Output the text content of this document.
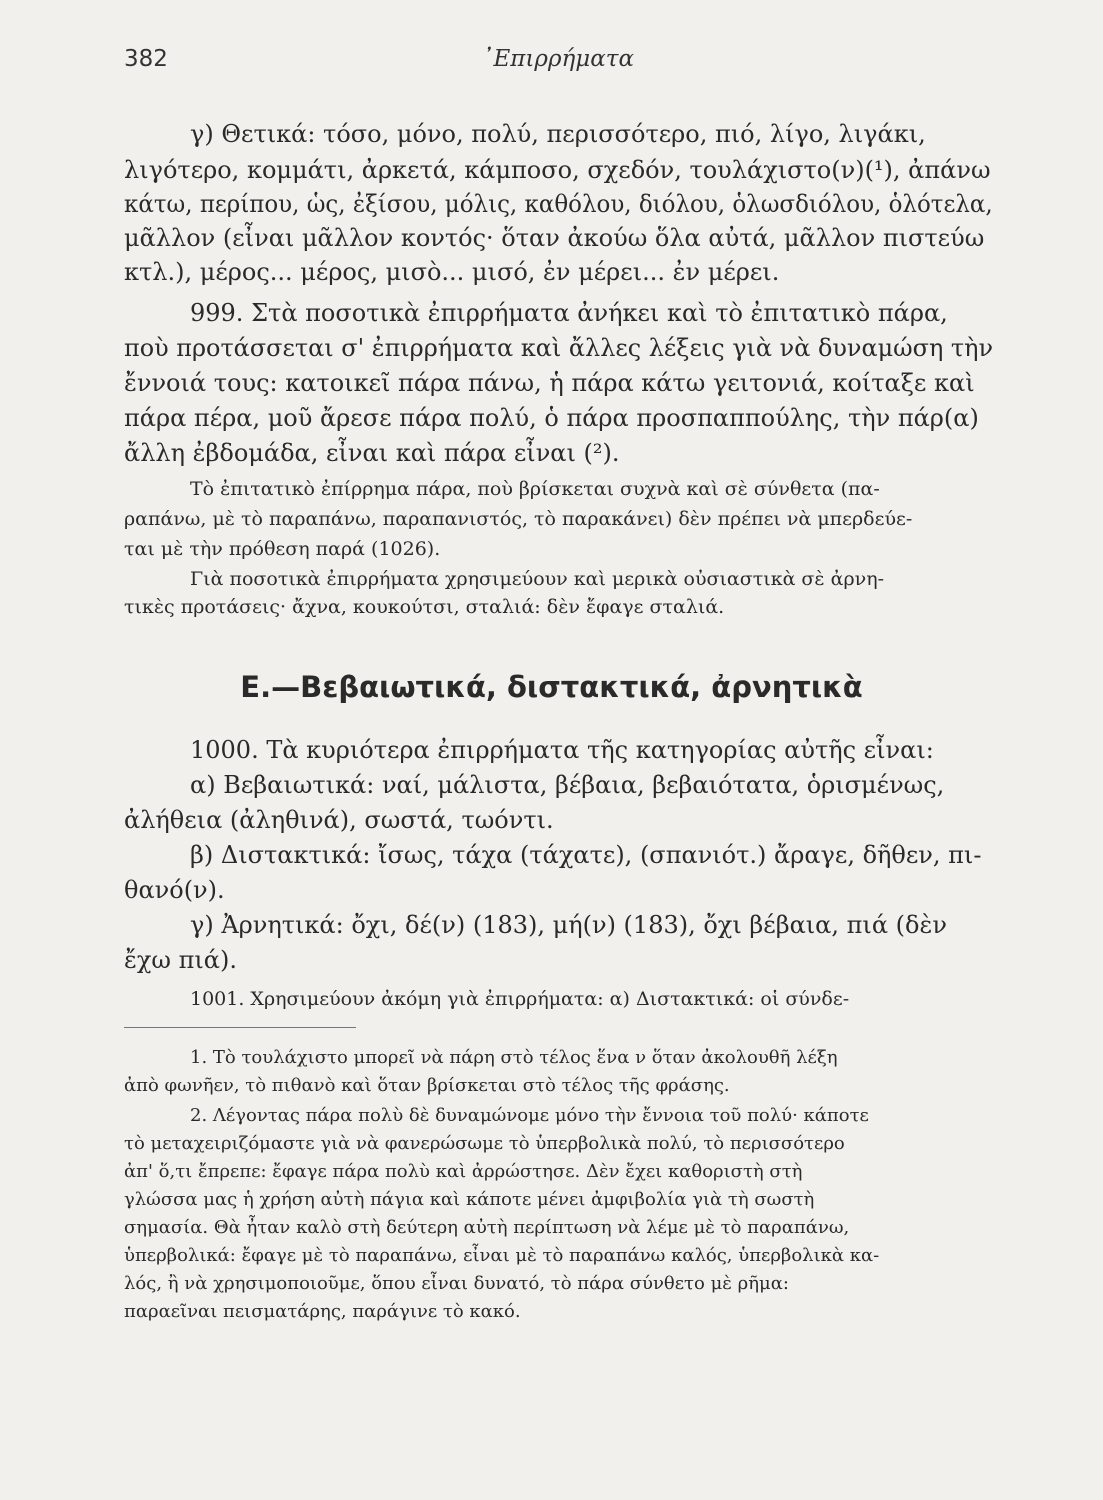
382	᾿Επιρρήματα
γ) Θετικά: τόσο, μόνο, πολύ, περισσότερο, πιό, λίγο, λιγάκι,
λιγότερο, κομμάτι, ἀρκετά, κάμποσο, σχεδόν, τουλάχιστο(ν)(¹), ἀπάνω
κάτω, περίπου, ὡς, ἐξίσου, μόλις, καθόλου, διόλου, ὁλωσδιόλου, ὁλότελα,
μᾶλλον (εἶναι μᾶλλον κοντός· ὅταν ἀκούω ὅλα αὐτά, μᾶλλον πιστεύω
κτλ.), μέρος... μέρος, μισὸ... μισό, ἐν μέρει... ἐν μέρει.
999. Στὰ ποσοτικὰ ἐπιρρήματα ἀνήκει καὶ τὸ ἐπιτατικὸ πάρα,
ποὺ προτάσσεται σ' ἐπιρρήματα καὶ ἄλλες λέξεις γιὰ νὰ δυναμώση τὴν
ἔννοιά τους: κατοικεῖ πάρα πάνω, ἡ πάρα κάτω γειτονιά, κοίταξε καὶ
πάρα πέρα, μοῦ ἄρεσε πάρα πολύ, ὁ πάρα προσπαππούλης, τὴν πάρ(α)
ἄλλη ἐβδομάδα, εἶναι καὶ πάρα εἶναι (²).
Τὸ ἐπιτατικὸ ἐπίρρημα πάρα, ποὺ βρίσκεται συχνὰ καὶ σὲ σύνθετα (πα-
ραπάνω, μὲ τὸ παραπάνω, παραπανιστός, τὸ παρακάνει) δὲν πρέπει νὰ μπερδεύε-
ται μὲ τὴν πρόθεση παρά (1026).
Γιὰ ποσοτικὰ ἐπιρρήματα χρησιμεύουν καὶ μερικὰ οὐσιαστικὰ σὲ ἀρνη-
τικὲς προτάσεις· ἄχνα, κουκούτσι, σταλιά: δὲν ἔφαγε σταλιά.
Ε.—Βεβαιωτικά, διστακτικά, ἀρνητικὰ
1000. Τὰ κυριότερα ἐπιρρήματα τῆς κατηγορίας αὐτῆς εἶναι:
α) Βεβαιωτικά: ναί, μάλιστα, βέβαια, βεβαιότατα, ὁρισμένως,
ἀλήθεια (ἀληθινά), σωστά, τωόντι.
β) Διστακτικά: ἴσως, τάχα (τάχατε), (σπανιότ.) ἄραγε, δῆθεν, πι-
θανό(ν).
γ) Ἀρνητικά: ὄχι, δέ(ν) (183), μή(ν) (183), ὄχι βέβαια, πιά (δὲν
ἔχω πιά).
1001. Χρησιμεύουν ἀκόμη γιὰ ἐπιρρήματα: α) Διστακτικά: οἱ σύνδε-
1. Τὸ τουλάχιστο μπορεῖ νὰ πάρη στὸ τέλος ἕνα ν ὅταν ἀκολουθῆ λέξη
ἀπὸ φωνῆεν, τὸ πιθανὸ καὶ ὅταν βρίσκεται στὸ τέλος τῆς φράσης.
2. Λέγοντας πάρα πολὺ δὲ δυναμώνομε μόνο τὴν ἔννοια τοῦ πολύ· κάποτε
τὸ μεταχειριζόμαστε γιὰ νὰ φανερώσωμε τὸ ὑπερβολικὰ πολύ, τὸ περισσότερο
ἀπ' ὅ,τι ἔπρεπε: ἔφαγε πάρα πολὺ καὶ ἀρρώστησε. Δὲν ἔχει καθοριστὴ στὴ
γλώσσα μας ἡ χρήση αὐτὴ πάγια καὶ κάποτε μένει ἀμφιβολία γιὰ τὴ σωστὴ
σημασία. Θὰ ἦταν καλὸ στὴ δεύτερη αὐτὴ περίπτωση νὰ λέμε μὲ τὸ παραπάνω,
ὑπερβολικά: ἔφαγε μὲ τὸ παραπάνω, εἶναι μὲ τὸ παραπάνω καλός, ὑπερβολικὰ κα-
λός, ἢ νὰ χρησιμοποιοῦμε, ὅπου εἶναι δυνατό, τὸ πάρα σύνθετο μὲ ρῆμα:
παραεῖναι πεισματάρης, παράγινε τὸ κακό.
